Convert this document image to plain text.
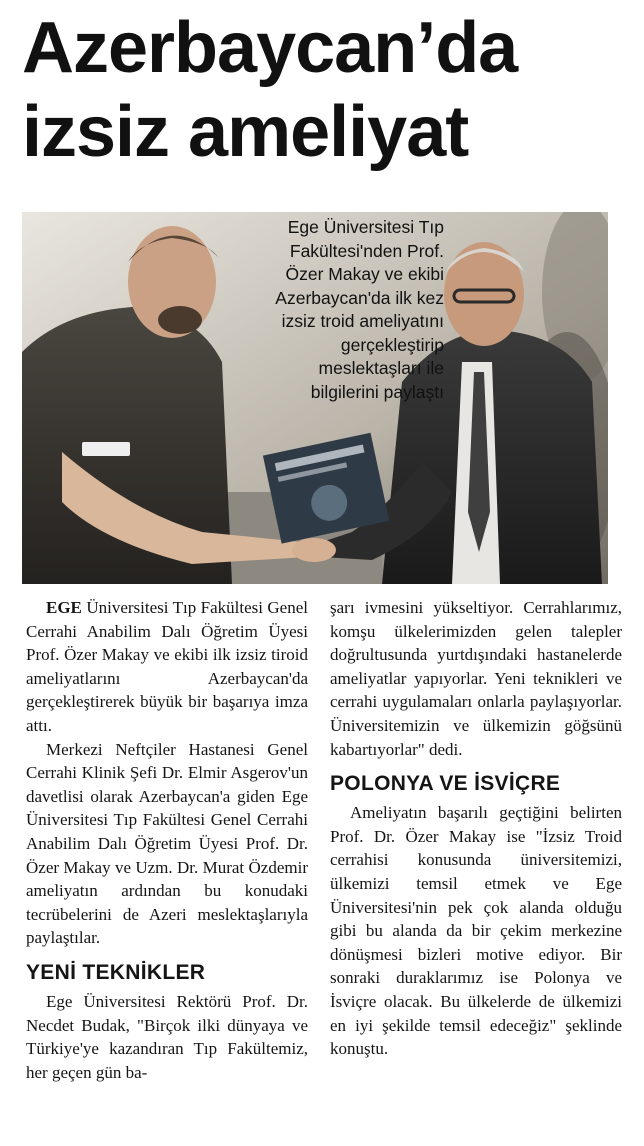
Azerbaycan’da
izsiz ameliyat
Ege Üniversitesi Tıp
Fakültesi'nden Prof.
Özer Makay ve ekibi
Azerbaycan'da ilk kez
izsiz troid ameliyatını
gerçekleştirip
meslektaşları ile
bilgilerini paylaştı

EGE Üniversitesi Tıp Fakültesi Genel Cerrahi Anabilim Dalı Öğretim Üyesi Prof. Özer Makay ve ekibi ilk izsiz tiroid ameliyatlarını Azerbaycan'da gerçekleştirerek büyük bir başarıya imza attı.

Merkezi Neftçiler Hastanesi Genel Cerrahi Klinik Şefi Dr. Elmir Asgerov'un davetlisi olarak Azerbaycan'a giden Ege Üniversitesi Tıp Fakültesi Genel Cerrahi Anabilim Dalı Öğretim Üyesi Prof. Dr. Özer Makay ve Uzm. Dr. Murat Özdemir ameliyatın ardından bu konudaki tecrübelerini de Azeri meslektaşlarıyla paylaştılar.

YENİ TEKNİKLER

Ege Üniversitesi Rektörü Prof. Dr. Necdet Budak, "Birçok ilki dünyaya ve Türkiye'ye kazandıran Tıp Fakültemiz, her geçen gün ba-

şarı ivmesini yükseltiyor. Cerrahlarımız, komşu ülkelerimizden gelen talepler doğrultusunda yurtdışındaki hastanelerde ameliyatlar yapıyorlar. Yeni teknikleri ve cerrahi uygulamaları onlarla paylaşıyorlar. Üniversitemizin ve ülkemizin göğsünü kabartıyorlar" dedi.

POLONYA VE İSVİÇRE

Ameliyatın başarılı geçtiğini belirten Prof. Dr. Özer Makay ise "İzsiz Troid cerrahisi konusunda üniversitemizi, ülkemizi temsil etmek ve Ege Üniversitesi'nin pek çok alanda olduğu gibi bu alanda da bir çekim merkezine dönüşmesi bizleri motive ediyor. Bir sonraki duraklarımız ise Polonya ve İsviçre olacak. Bu ülkelerde de ülkemizi en iyi şekilde temsil edeceğiz" şeklinde konuştu.
